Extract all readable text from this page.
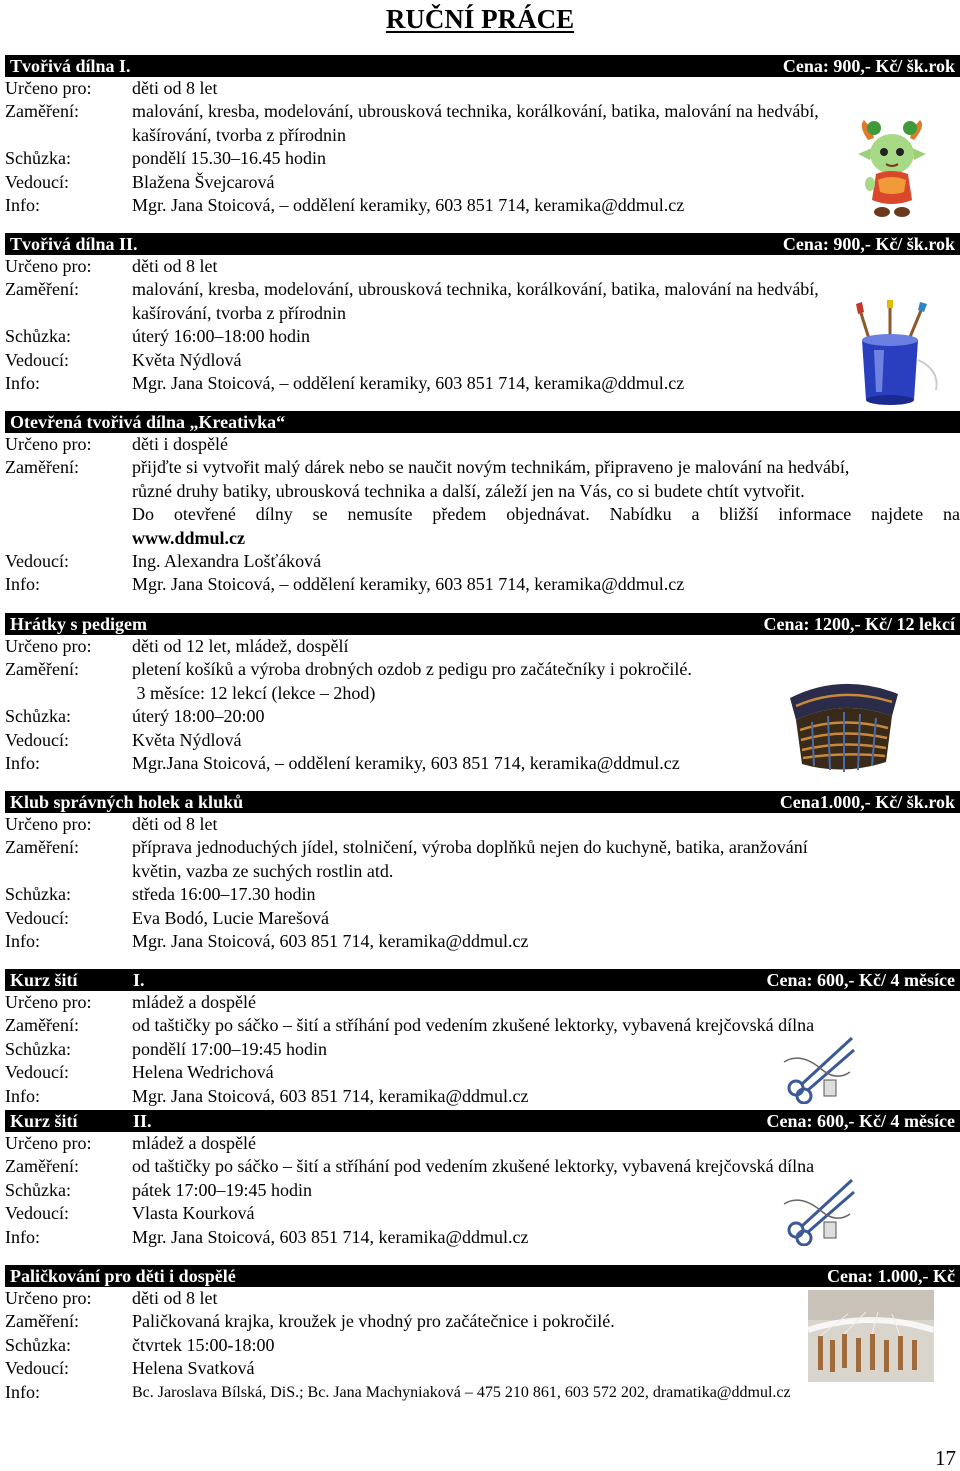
RUČNÍ PRÁCE
Tvořivá dílna I.	Cena: 900,- Kč/ šk.rok
Určeno pro: děti od 8 let
Zaměření:	malování, kresba, modelování, ubrousková technika, korálkování, batika, malování na hedvábí,
kašírování, tvorba z přírodnin
Schůzka:	pondělí 15.30–16.45 hodin
Vedoucí:	Blažena Švejcarová
Info:	Mgr. Jana Stoicová, – oddělení keramiky, 603 851 714, keramika@ddmul.cz
Tvořivá dílna II.	Cena: 900,- Kč/ šk.rok
Určeno pro: děti od 8 let
Zaměření:	malování, kresba, modelování, ubrousková technika, korálkování, batika, malování na hedvábí,
kašírování, tvorba z přírodnin
Schůzka:	úterý 16:00–18:00 hodin
Vedoucí:	Květa Nýdlová
Info:	Mgr. Jana Stoicová, – oddělení keramiky, 603 851 714, keramika@ddmul.cz
Otevřená tvořivá dílna „Kreativka“
Určeno pro: děti i dospělé
Zaměření:	přijďte si vytvořit malý dárek nebo se naučit novým technikám, připraveno je malování na hedvábí,
různé druhy batiky, ubrousková technika a další, záleží jen na Vás, co si budete chtít vytvořit.
Do otevřené dílny se nemusíte předem objednávat. Nabídku a bližší informace najdete na
www.ddmul.cz
Vedoucí:	Ing. Alexandra Lošťáková
Info:	Mgr. Jana Stoicová, – oddělení keramiky, 603 851 714, keramika@ddmul.cz
Hrátky s pedigem	Cena: 1200,- Kč/ 12 lekcí
Určeno pro: děti od 12 let, mládež, dospělí
Zaměření:	pletení košíků a výroba drobných ozdob z pedigu pro začátečníky i pokročilé.
3 měsíce: 12 lekcí (lekce – 2hod)
Schůzka:	úterý 18:00–20:00
Vedoucí:	Květa Nýdlová
Info:	Mgr.Jana Stoicová, – oddělení keramiky, 603 851 714, keramika@ddmul.cz
Klub správných holek a kluků	Cena1.000,- Kč/ šk.rok
Určeno pro: děti od 8 let
Zaměření:	příprava jednoduchých jídel, stolničení, výroba doplňků nejen do kuchyně, batika, aranžování
květin, vazba ze suchých rostlin atd.
Schůzka:	středa 16:00–17.30 hodin
Vedoucí:	Eva Bodó, Lucie Marešová
Info:	Mgr. Jana Stoicová, 603 851 714, keramika@ddmul.cz
Kurz šití	I.	Cena: 600,- Kč/ 4 měsíce
Určeno pro: mládež a dospělé
Zaměření:	od taštičky po sáčko – šití a stříhání pod vedením zkušené lektorky, vybavená krejčovská dílna
Schůzka:	pondělí 17:00–19:45 hodin
Vedoucí:	Helena Wedrichová
Info:	Mgr. Jana Stoicová, 603 851 714, keramika@ddmul.cz
Kurz šití	II.	Cena: 600,- Kč/ 4 měsíce
Určeno pro: mládež a dospělé
Zaměření:	od taštičky po sáčko – šití a stříhání pod vedením zkušené lektorky, vybavená krejčovská dílna
Schůzka:	pátek 17:00–19:45 hodin
Vedoucí:	Vlasta Kourková
Info:	Mgr. Jana Stoicová, 603 851 714, keramika@ddmul.cz
Paličkování pro děti i dospělé	Cena: 1.000,- Kč
Určeno pro: děti od 8 let
Zaměření:	Paličkovaná krajka, kroužek je vhodný pro začátečnice i pokročilé.
Schůzka:	čtvrtek 15:00-18:00
Vedoucí:	Helena Svatková
Info:	Bc. Jaroslava Bílská, DiS.; Bc. Jana Machyniaková – 475 210 861, 603 572 202, dramatika@ddmul.cz
17
